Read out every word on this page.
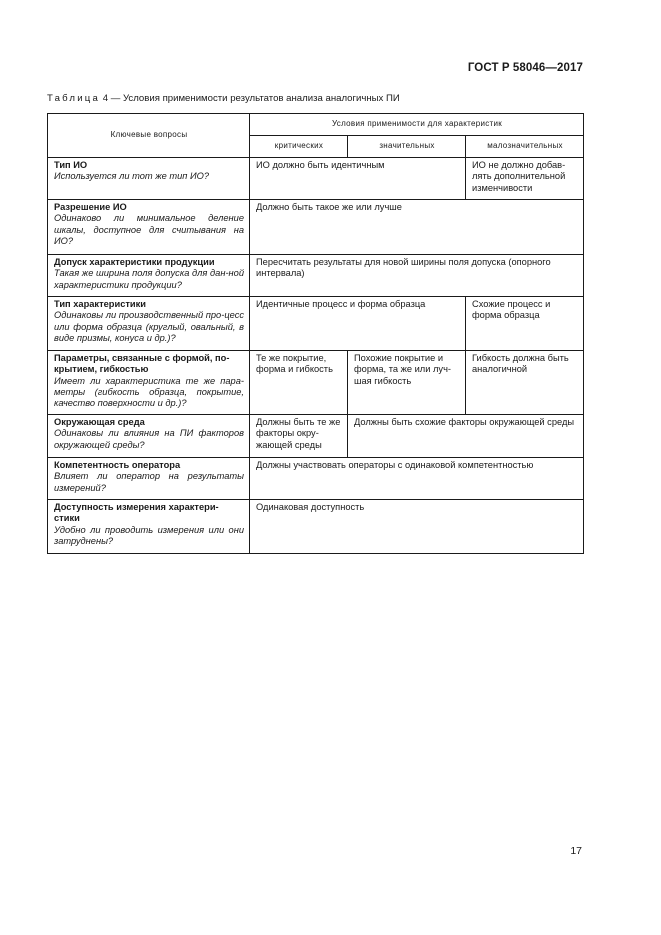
ГОСТ Р 58046—2017
Таблица 4 — Условия применимости результатов анализа аналогичных ПИ
Ключевые вопросы	Условия применимости для характеристик		
	критических	значительных	малозначительных

Тип ИО
Используется ли тот же тип ИО?	ИО должно быть идентичным		ИО не должно добав-лять дополнительной изменчивости

Разрешение ИО
Одинаково ли минимальное деление шкалы, доступное для считывания на ИО?	Должно быть такое же или лучше		

Допуск характеристики продукции
Такая же ширина поля допуска для дан-ной характеристики продукции?	Пересчитать результаты для новой ширины поля допуска (опорного интервала)		

Тип характеристики
Одинаковы ли производственный про-цесс или форма образца (круглый, овальный, в виде призмы, конуса и др.)?	Идентичные процесс и форма образца		Схожие процесс и форма образца

Параметры, связанные с формой, по-крытием, гибкостью
Имеет ли характеристика те же пара-метры (гибкость образца, покрытие, качество поверхности и др.)?	Те же покрытие, форма и гибкость	Похожие покрытие и форма, та же или луч-шая гибкость	Гибкость должна быть аналогичной

Окружающая среда
Одинаковы ли влияния на ПИ факторов окружающей среды?	Должны быть те же факторы окру-жающей среды	Должны быть схожие факторы окружающей среды	

Компетентность оператора
Влияет ли оператор на результаты измерений?	Должны участвовать операторы с одинаковой компетентностью		

Доступность измерения характери-стики
Удобно ли проводить измерения или они затруднены?	Одинаковая доступность		
17
